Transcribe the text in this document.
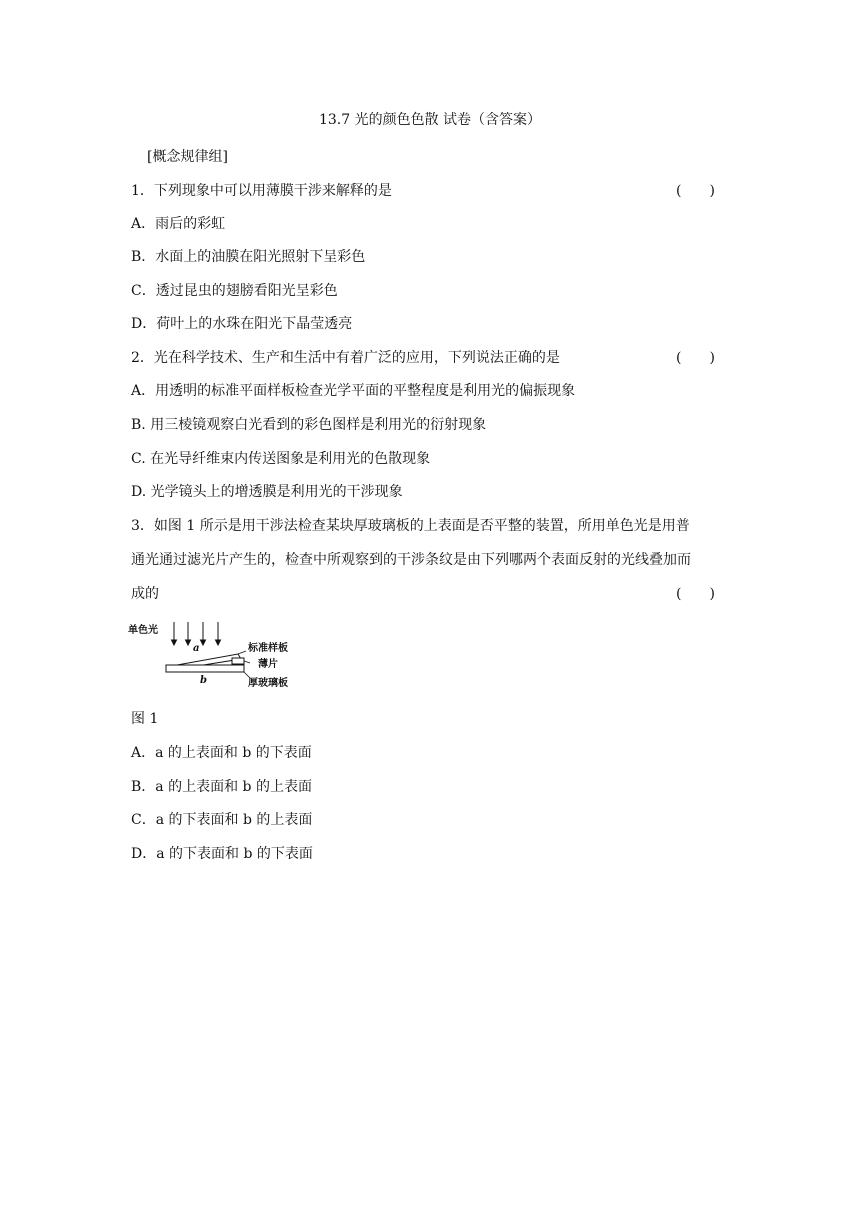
13.7 光的颜色色散 试卷（含答案）
[概念规律组]
1．下列现象中可以用薄膜干涉来解释的是	(　　)
A．雨后的彩虹
B．水面上的油膜在阳光照射下呈彩色
C．透过昆虫的翅膀看阳光呈彩色
D．荷叶上的水珠在阳光下晶莹透亮
2．光在科学技术、生产和生活中有着广泛的应用，下列说法正确的是	(　　)
A．用透明的标准平面样板检查光学平面的平整程度是利用光的偏振现象
B. 用三棱镜观察白光看到的彩色图样是利用光的衍射现象
C. 在光导纤维束内传送图象是利用光的色散现象
D. 光学镜头上的增透膜是利用光的干涉现象
3．如图 1 所示是用干涉法检查某块厚玻璃板的上表面是否平整的装置，所用单色光是用普
通光通过滤光片产生的，检查中所观察到的干涉条纹是由下列哪两个表面反射的光线叠加而
成的	(　　)
单色光
a	标准样板
薄片
b	厚玻璃板
图 1
A．a 的上表面和 b 的下表面
B．a 的上表面和 b 的上表面
C．a 的下表面和 b 的上表面
D．a 的下表面和 b 的下表面
